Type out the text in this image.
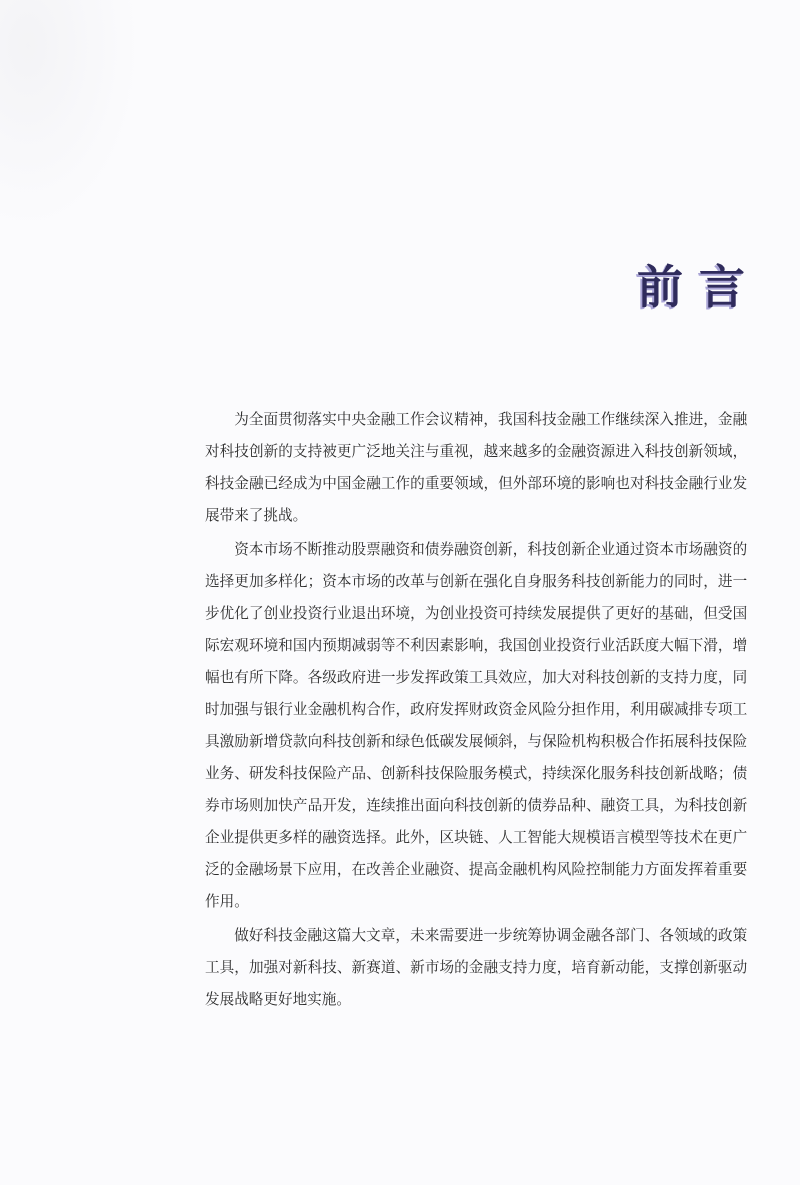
前 言

为全面贯彻落实中央金融工作会议精神，我国科技金融工作继续深入推进，金融对科技创新的支持被更广泛地关注与重视，越来越多的金融资源进入科技创新领域，科技金融已经成为中国金融工作的重要领域，但外部环境的影响也对科技金融行业发展带来了挑战。

资本市场不断推动股票融资和债券融资创新，科技创新企业通过资本市场融资的选择更加多样化；资本市场的改革与创新在强化自身服务科技创新能力的同时，进一步优化了创业投资行业退出环境，为创业投资可持续发展提供了更好的基础，但受国际宏观环境和国内预期减弱等不利因素影响，我国创业投资行业活跃度大幅下滑，增幅也有所下降。各级政府进一步发挥政策工具效应，加大对科技创新的支持力度，同时加强与银行业金融机构合作，政府发挥财政资金风险分担作用，利用碳减排专项工具激励新增贷款向科技创新和绿色低碳发展倾斜，与保险机构积极合作拓展科技保险业务、研发科技保险产品、创新科技保险服务模式，持续深化服务科技创新战略；债券市场则加快产品开发，连续推出面向科技创新的债券品种、融资工具，为科技创新企业提供更多样的融资选择。此外，区块链、人工智能大规模语言模型等技术在更广泛的金融场景下应用，在改善企业融资、提高金融机构风险控制能力方面发挥着重要作用。

做好科技金融这篇大文章，未来需要进一步统筹协调金融各部门、各领域的政策工具，加强对新科技、新赛道、新市场的金融支持力度，培育新动能，支撑创新驱动发展战略更好地实施。
